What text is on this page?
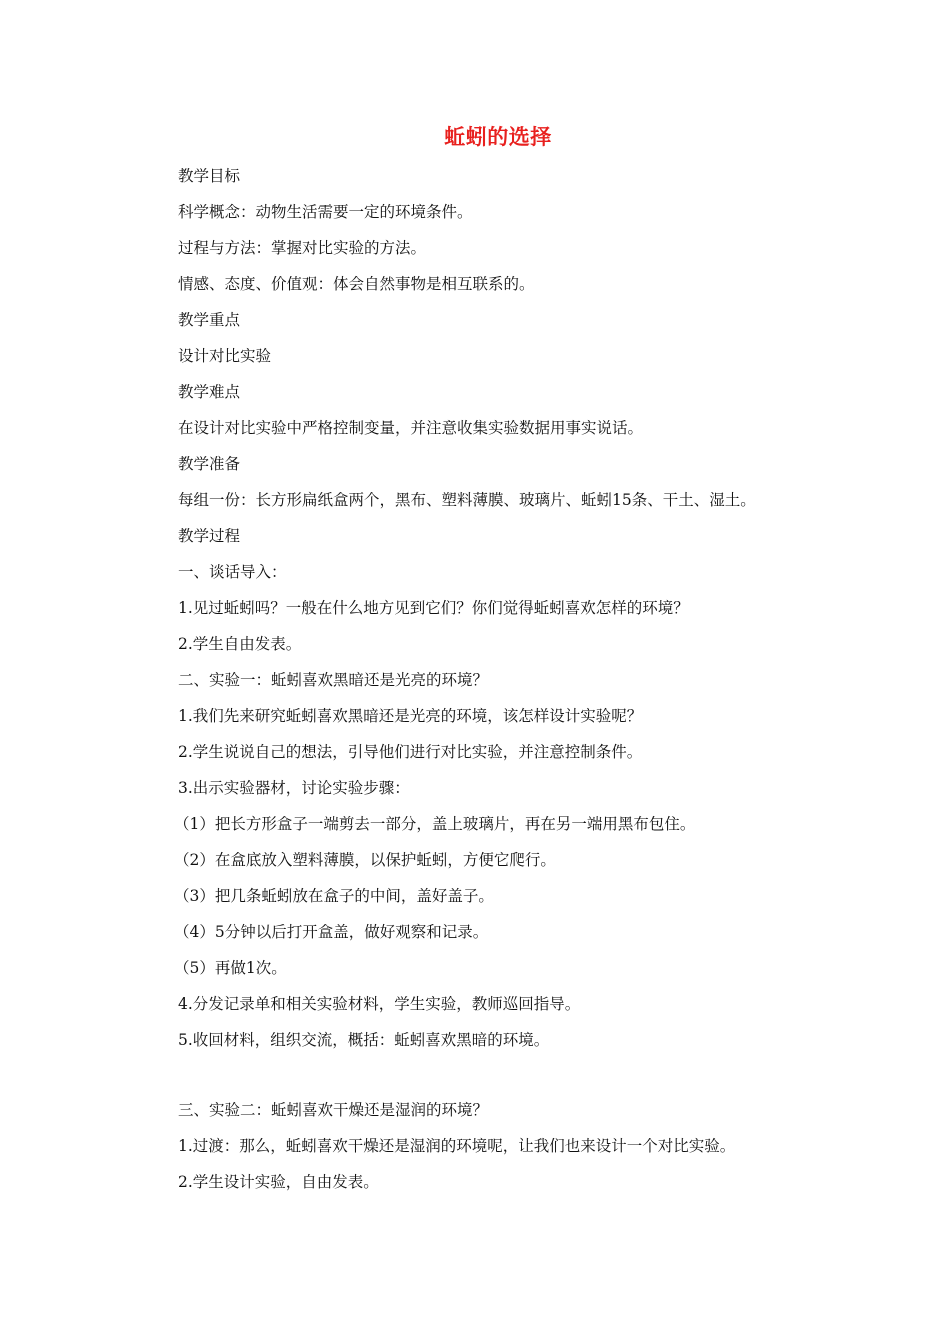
蚯蚓的选择
教学目标
科学概念：动物生活需要一定的环境条件。
过程与方法：掌握对比实验的方法。
情感、态度、价值观：体会自然事物是相互联系的。
教学重点
设计对比实验
教学难点
在设计对比实验中严格控制变量，并注意收集实验数据用事实说话。
教学准备
每组一份：长方形扁纸盒两个，黑布、塑料薄膜、玻璃片、蚯蚓15条、干土、湿土。
教学过程
一、谈话导入：
1.见过蚯蚓吗？一般在什么地方见到它们？你们觉得蚯蚓喜欢怎样的环境？
2.学生自由发表。
二、实验一：蚯蚓喜欢黑暗还是光亮的环境？
1.我们先来研究蚯蚓喜欢黑暗还是光亮的环境，该怎样设计实验呢？
2.学生说说自己的想法，引导他们进行对比实验，并注意控制条件。
3.出示实验器材，讨论实验步骤：
（1）把长方形盒子一端剪去一部分，盖上玻璃片，再在另一端用黑布包住。
（2）在盒底放入塑料薄膜，以保护蚯蚓，方便它爬行。
（3）把几条蚯蚓放在盒子的中间，盖好盖子。
（4）5分钟以后打开盒盖，做好观察和记录。
（5）再做1次。
4.分发记录单和相关实验材料，学生实验，教师巡回指导。
5.收回材料，组织交流，概括：蚯蚓喜欢黑暗的环境。
三、实验二：蚯蚓喜欢干燥还是湿润的环境？
1.过渡：那么，蚯蚓喜欢干燥还是湿润的环境呢，让我们也来设计一个对比实验。
2.学生设计实验，自由发表。
